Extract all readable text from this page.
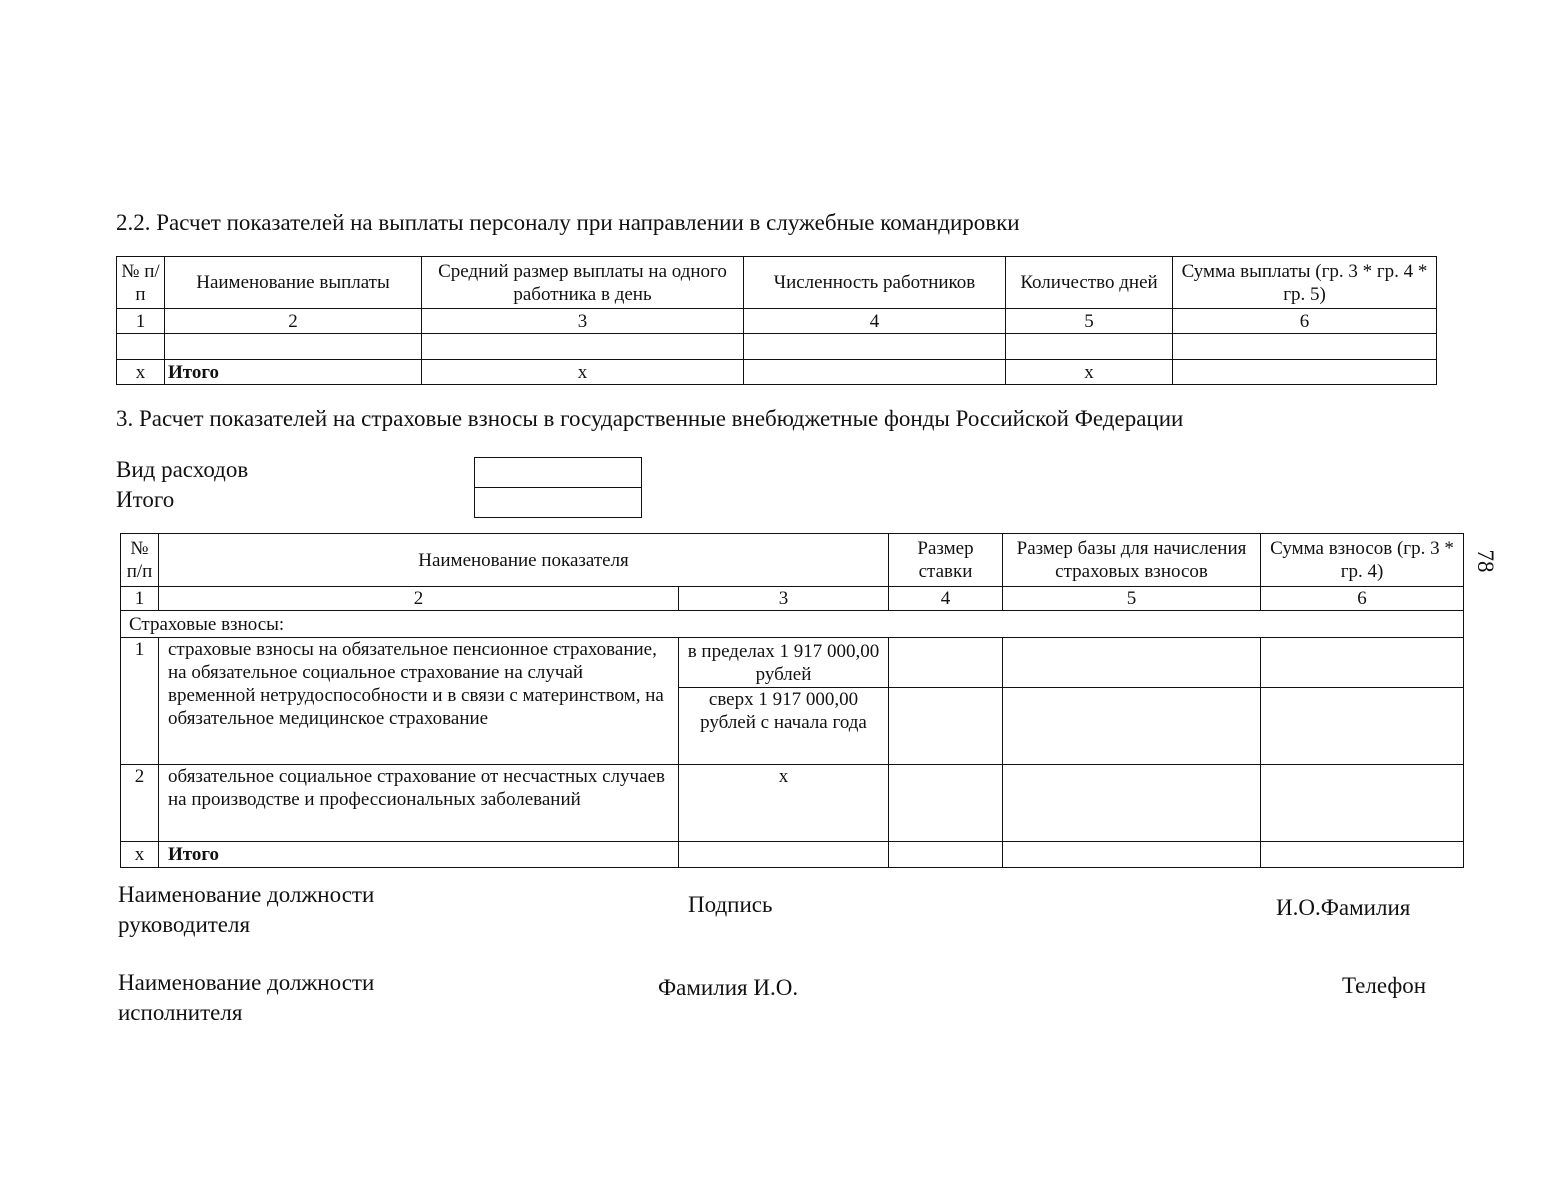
2.2. Расчет показателей на выплаты персоналу при направлении в служебные командировки
№ п/п	Наименование выплаты	Средний размер выплаты на одного работника в день	Численность работников	Количество дней	Сумма выплаты (гр. 3 * гр. 4 * гр. 5)
1	2	3	4	5	6

x	Итого	x		x	
3. Расчет показателей на страховые взносы в государственные внебюджетные фонды Российской Федерации
Вид расходов
Итого

№ п/п	Наименование показателя		Размер ставки	Размер базы для начисления страховых взносов	Сумма взносов (гр. 3 * гр. 4)
1	2	3	4	5	6
Страховые взносы:					
1	страховые взносы на обязательное пенсионное страхование, на обязательное социальное страхование на случай временной нетрудоспособности и в связи с материнством, на обязательное медицинское страхование	в пределах 1 917 000,00 рублей			
		сверх 1 917 000,00 рублей с начала года			
2	обязательное социальное страхование от несчастных случаев на производстве и профессиональных заболеваний	x			
x	Итого				
78
Наименование должности руководителя
Подпись	И.О.Фамилия
Наименование должности исполнителя
Фамилия И.О.	Телефон
